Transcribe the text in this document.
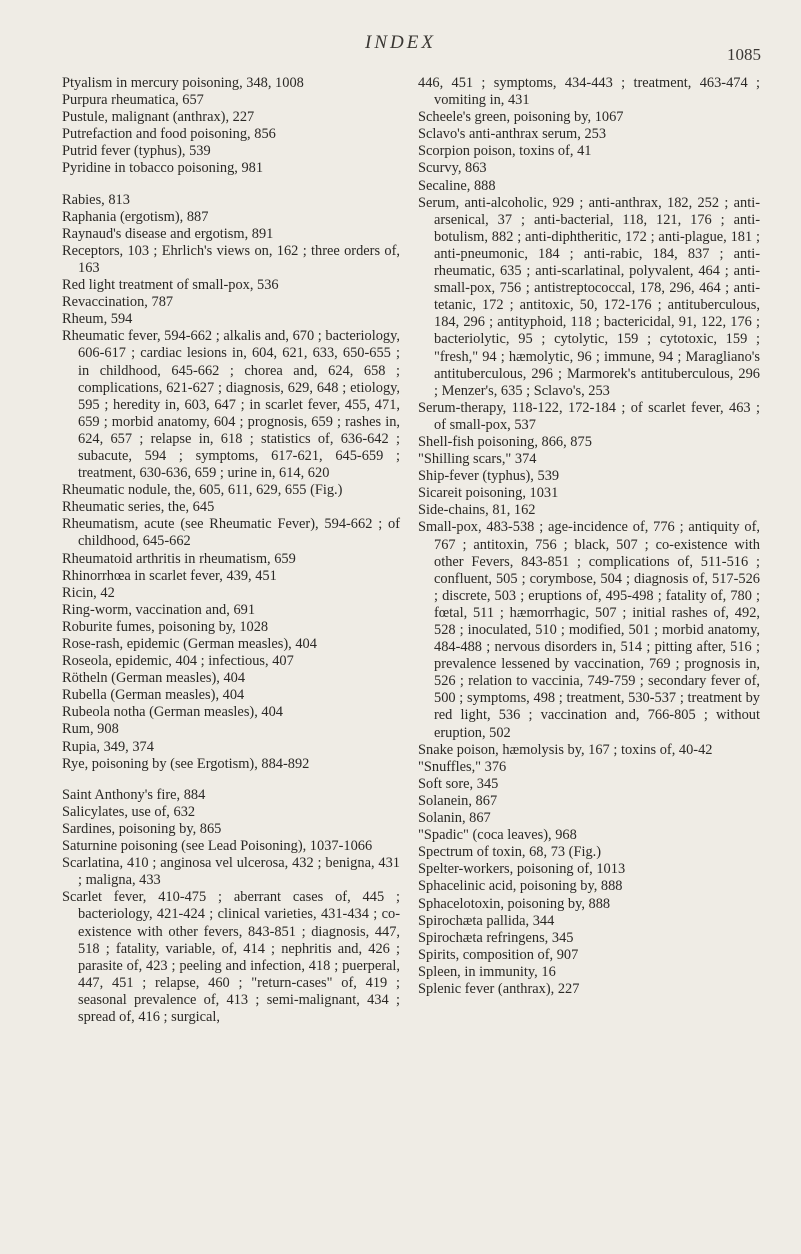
INDEX
1085

Ptyalism in mercury poisoning, 348, 1008

Purpura rheumatica, 657

Pustule, malignant (anthrax), 227

Putrefaction and food poisoning, 856

Putrid fever (typhus), 539

Pyridine in tobacco poisoning, 981

Rabies, 813

Raphania (ergotism), 887

Raynaud's disease and ergotism, 891

Receptors, 103 ; Ehrlich's views on, 162 ; three orders of, 163

Red light treatment of small-pox, 536

Revaccination, 787

Rheum, 594

Rheumatic fever, 594-662 ; alkalis and, 670 ; bacteriology, 606-617 ; cardiac lesions in, 604, 621, 633, 650-655 ; in childhood, 645-662 ; chorea and, 624, 658 ; complications, 621-627 ; diagnosis, 629, 648 ; etiology, 595 ; heredity in, 603, 647 ; in scarlet fever, 455, 471, 659 ; morbid anatomy, 604 ; prognosis, 659 ; rashes in, 624, 657 ; relapse in, 618 ; statistics of, 636-642 ; subacute, 594 ; symptoms, 617-621, 645-659 ; treatment, 630-636, 659 ; urine in, 614, 620

Rheumatic nodule, the, 605, 611, 629, 655 (Fig.)

Rheumatic series, the, 645

Rheumatism, acute (see Rheumatic Fever), 594-662 ; of childhood, 645-662

Rheumatoid arthritis in rheumatism, 659

Rhinorrhœa in scarlet fever, 439, 451

Ricin, 42

Ring-worm, vaccination and, 691

Roburite fumes, poisoning by, 1028

Rose-rash, epidemic (German measles), 404

Roseola, epidemic, 404 ; infectious, 407

Rötheln (German measles), 404

Rubella (German measles), 404

Rubeola notha (German measles), 404

Rum, 908

Rupia, 349, 374

Rye, poisoning by (see Ergotism), 884-892

Saint Anthony's fire, 884

Salicylates, use of, 632

Sardines, poisoning by, 865

Saturnine poisoning (see Lead Poisoning), 1037-1066

Scarlatina, 410 ; anginosa vel ulcerosa, 432 ; benigna, 431 ; maligna, 433

Scarlet fever, 410-475 ; aberrant cases of, 445 ; bacteriology, 421-424 ; clinical varieties, 431-434 ; co-existence with other fevers, 843-851 ; diagnosis, 447, 518 ; fatality, variable, of, 414 ; nephritis and, 426 ; parasite of, 423 ; peeling and infection, 418 ; puerperal, 447, 451 ; relapse, 460 ; "return-cases" of, 419 ; seasonal prevalence of, 413 ; semi-malignant, 434 ; spread of, 416 ; surgical,

446, 451 ; symptoms, 434-443 ; treatment, 463-474 ; vomiting in, 431

Scheele's green, poisoning by, 1067

Sclavo's anti-anthrax serum, 253

Scorpion poison, toxins of, 41

Scurvy, 863

Secaline, 888

Serum, anti-alcoholic, 929 ; anti-anthrax, 182, 252 ; anti-arsenical, 37 ; anti-bacterial, 118, 121, 176 ; anti-botulism, 882 ; anti-diphtheritic, 172 ; anti-plague, 181 ; anti-pneumonic, 184 ; anti-rabic, 184, 837 ; anti-rheumatic, 635 ; anti-scarlatinal, polyvalent, 464 ; anti-small-pox, 756 ; antistreptococcal, 178, 296, 464 ; anti-tetanic, 172 ; antitoxic, 50, 172-176 ; antituberculous, 184, 296 ; antityphoid, 118 ; bactericidal, 91, 122, 176 ; bacteriolytic, 95 ; cytolytic, 159 ; cytotoxic, 159 ; "fresh," 94 ; hæmolytic, 96 ; immune, 94 ; Maragliano's antituberculous, 296 ; Marmorek's antituberculous, 296 ; Menzer's, 635 ; Sclavo's, 253

Serum-therapy, 118-122, 172-184 ; of scarlet fever, 463 ; of small-pox, 537

Shell-fish poisoning, 866, 875

"Shilling scars," 374

Ship-fever (typhus), 539

Sicareit poisoning, 1031

Side-chains, 81, 162

Small-pox, 483-538 ; age-incidence of, 776 ; antiquity of, 767 ; antitoxin, 756 ; black, 507 ; co-existence with other Fevers, 843-851 ; complications of, 511-516 ; confluent, 505 ; corymbose, 504 ; diagnosis of, 517-526 ; discrete, 503 ; eruptions of, 495-498 ; fatality of, 780 ; fœtal, 511 ; hæmorrhagic, 507 ; initial rashes of, 492, 528 ; inoculated, 510 ; modified, 501 ; morbid anatomy, 484-488 ; nervous disorders in, 514 ; pitting after, 516 ; prevalence lessened by vaccination, 769 ; prognosis in, 526 ; relation to vaccinia, 749-759 ; secondary fever of, 500 ; symptoms, 498 ; treatment, 530-537 ; treatment by red light, 536 ; vaccination and, 766-805 ; without eruption, 502

Snake poison, hæmolysis by, 167 ; toxins of, 40-42

"Snuffles," 376

Soft sore, 345

Solanein, 867

Solanin, 867

"Spadic" (coca leaves), 968

Spectrum of toxin, 68, 73 (Fig.)

Spelter-workers, poisoning of, 1013

Sphacelinic acid, poisoning by, 888

Sphacelotoxin, poisoning by, 888

Spirochæta pallida, 344

Spirochæta refringens, 345

Spirits, composition of, 907

Spleen, in immunity, 16

Splenic fever (anthrax), 227
